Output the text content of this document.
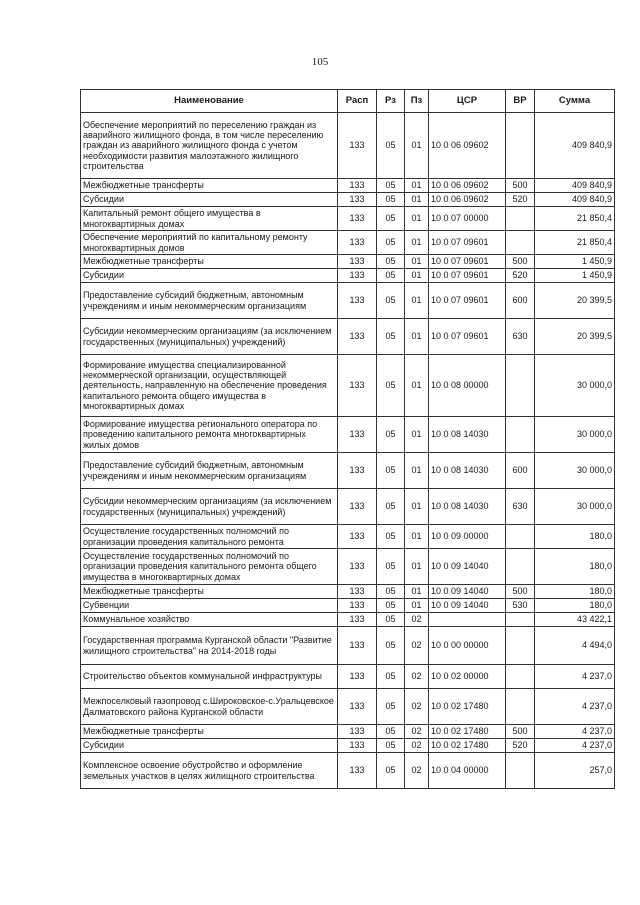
105
Наименование	Расп	Рз	Пз	ЦСР	ВР	Сумма
Обеспечение мероприятий по переселению граждан из аварийного жилищного фонда, в том числе переселению граждан из аварийного жилищного фонда с учетом необходимости развития малоэтажного жилищного строительства	133	05	01	10 0 06 09602		409 840,9
Межбюджетные трансферты	133	05	01	10 0 06 09602	500	409 840,9
Субсидии	133	05	01	10 0 06 09602	520	409 840,9
Капитальный ремонт общего имущества в многоквартирных домах	133	05	01	10 0 07 00000		21 850,4
Обеспечение мероприятий по капитальному ремонту многоквартирных домов	133	05	01	10 0 07 09601		21 850,4
Межбюджетные трансферты	133	05	01	10 0 07 09601	500	1 450,9
Субсидии	133	05	01	10 0 07 09601	520	1 450,9
Предоставление субсидий бюджетным, автономным учреждениям и иным некоммерческим организациям	133	05	01	10 0 07 09601	600	20 399,5
Субсидии некоммерческим организациям (за исключением государственных (муниципальных) учреждений)	133	05	01	10 0 07 09601	630	20 399,5
Формирование имущества специализированной некоммерческой организации, осуществляющей деятельность, направленную на обеспечение проведения капитального ремонта общего имущества в многоквартирных домах	133	05	01	10 0 08 00000		30 000,0
Формирование имущества регионального оператора по проведению капитального ремонта многоквартирных жилых домов	133	05	01	10 0 08 14030		30 000,0
Предоставление субсидий бюджетным, автономным учреждениям и иным некоммерческим организациям	133	05	01	10 0 08 14030	600	30 000,0
Субсидии некоммерческим организациям (за исключением государственных (муниципальных) учреждений)	133	05	01	10 0 08 14030	630	30 000,0
Осуществление государственных полномочий по организации проведения капитального ремонта	133	05	01	10 0 09 00000		180,0
Осуществление государственных полномочий по организации проведения капитального ремонта общего имущества в многоквартирных домах	133	05	01	10 0 09 14040		180,0
Межбюджетные трансферты	133	05	01	10 0 09 14040	500	180,0
Субвенции	133	05	01	10 0 09 14040	530	180,0
Коммунальное хозяйство	133	05	02			43 422,1
Государственная программа Курганской области "Развитие жилищного строительства" на 2014-2018 годы	133	05	02	10 0 00 00000		4 494,0
Строительство объектов коммунальной инфраструктуры	133	05	02	10 0 02 00000		4 237,0
Межпоселковый газопровод с.Широковское-с.Уральцевское Далматовского района Курганской области	133	05	02	10 0 02 17480		4 237,0
Межбюджетные трансферты	133	05	02	10 0 02 17480	500	4 237,0
Субсидии	133	05	02	10 0 02 17480	520	4 237,0
Комплексное освоение обустройство и оформление земельных участков в целях жилищного строительства	133	05	02	10 0 04 00000		257,0
